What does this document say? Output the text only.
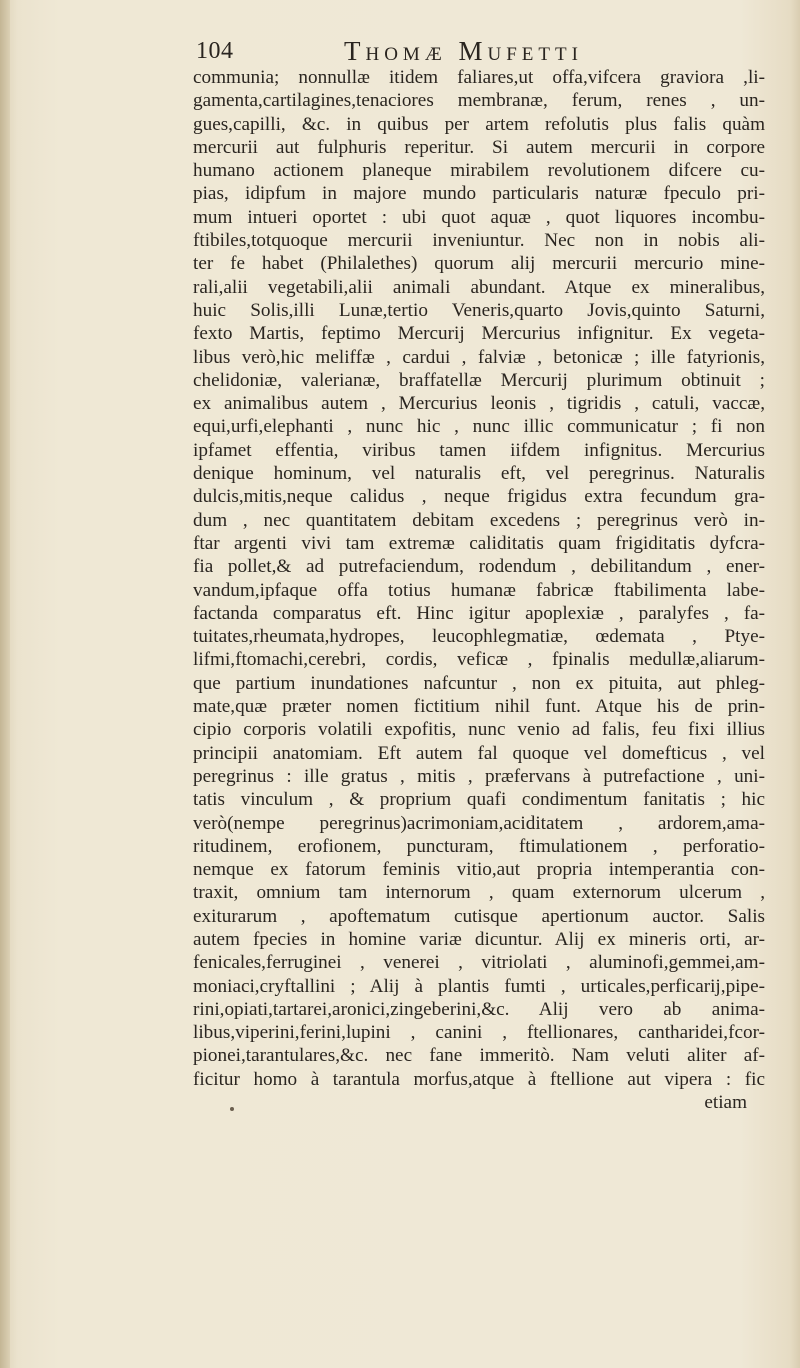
104	Thomæ Mufetti
communia; nonnullæ itidem faliares,ut offa,vifcera graviora ,li-
gamenta,cartilagines,tenaciores membranæ, ferum, renes , un-
gues,capilli, &c. in quibus per artem refolutis plus falis quàm
mercurii aut fulphuris reperitur. Si autem mercurii in corpore
humano actionem planeque mirabilem revolutionem difcere cu-
pias, idipfum in majore mundo particularis naturæ fpeculo pri-
mum intueri oportet : ubi quot aquæ , quot liquores incombu-
ftibiles,totquoque mercurii inveniuntur. Nec non in nobis ali-
ter fe habet (Philalethes) quorum alij mercurii mercurio mine-
rali,alii vegetabili,alii animali abundant. Atque ex mineralibus,
huic Solis,illi Lunæ,tertio Veneris,quarto Jovis,quinto Saturni,
fexto Martis, feptimo Mercurij Mercurius infignitur. Ex vegeta-
libus verò,hic meliffæ , cardui , falviæ , betonicæ ; ille fatyrionis,
chelidoniæ, valerianæ, braffatellæ Mercurij plurimum obtinuit ;
ex animalibus autem , Mercurius leonis , tigridis , catuli, vaccæ,
equi,urfi,elephanti , nunc hic , nunc illic communicatur ; fi non
ipfamet effentia, viribus tamen iifdem infignitus. Mercurius
denique hominum, vel naturalis eft, vel peregrinus. Naturalis
dulcis,mitis,neque calidus , neque frigidus extra fecundum gra-
dum , nec quantitatem debitam excedens ; peregrinus verò in-
ftar argenti vivi tam extremæ caliditatis quam frigiditatis dyfcra-
fia pollet,& ad putrefaciendum, rodendum , debilitandum , ener-
vandum,ipfaque offa totius humanæ fabricæ ftabilimenta labe-
factanda comparatus eft. Hinc igitur apoplexiæ , paralyfes , fa-
tuitates,rheumata,hydropes, leucophlegmatiæ, œdemata , Ptye-
lifmi,ftomachi,cerebri, cordis, veficæ , fpinalis medullæ,aliarum-
que partium inundationes nafcuntur , non ex pituita, aut phleg-
mate,quæ præter nomen fictitium nihil funt. Atque his de prin-
cipio corporis volatili expofitis, nunc venio ad falis, feu fixi illius
principii anatomiam. Eft autem fal quoque vel domefticus , vel
peregrinus : ille gratus , mitis , præfervans à putrefactione , uni-
tatis vinculum , & proprium quafi condimentum fanitatis ; hic
verò(nempe peregrinus)acrimoniam,aciditatem , ardorem,ama-
ritudinem, erofionem, puncturam, ftimulationem , perforatio-
nemque ex fatorum feminis vitio,aut propria intemperantia con-
traxit, omnium tam internorum , quam externorum ulcerum ,
exiturarum , apoftematum cutisque apertionum auctor. Salis
autem fpecies in homine variæ dicuntur. Alij ex mineris orti, ar-
fenicales,ferruginei , venerei , vitriolati , aluminofi,gemmei,am-
moniaci,cryftallini ; Alij à plantis fumti , urticales,perficarij,pipe-
rini,opiati,tartarei,aronici,zingeberini,&c. Alij vero ab anima-
libus,viperini,ferini,lupini , canini , ftellionares, cantharidei,fcor-
pionei,tarantulares,&c. nec fane immeritò. Nam veluti aliter af-
ficitur homo à tarantula morfus,atque à ftellione aut vipera : fic
etiam
